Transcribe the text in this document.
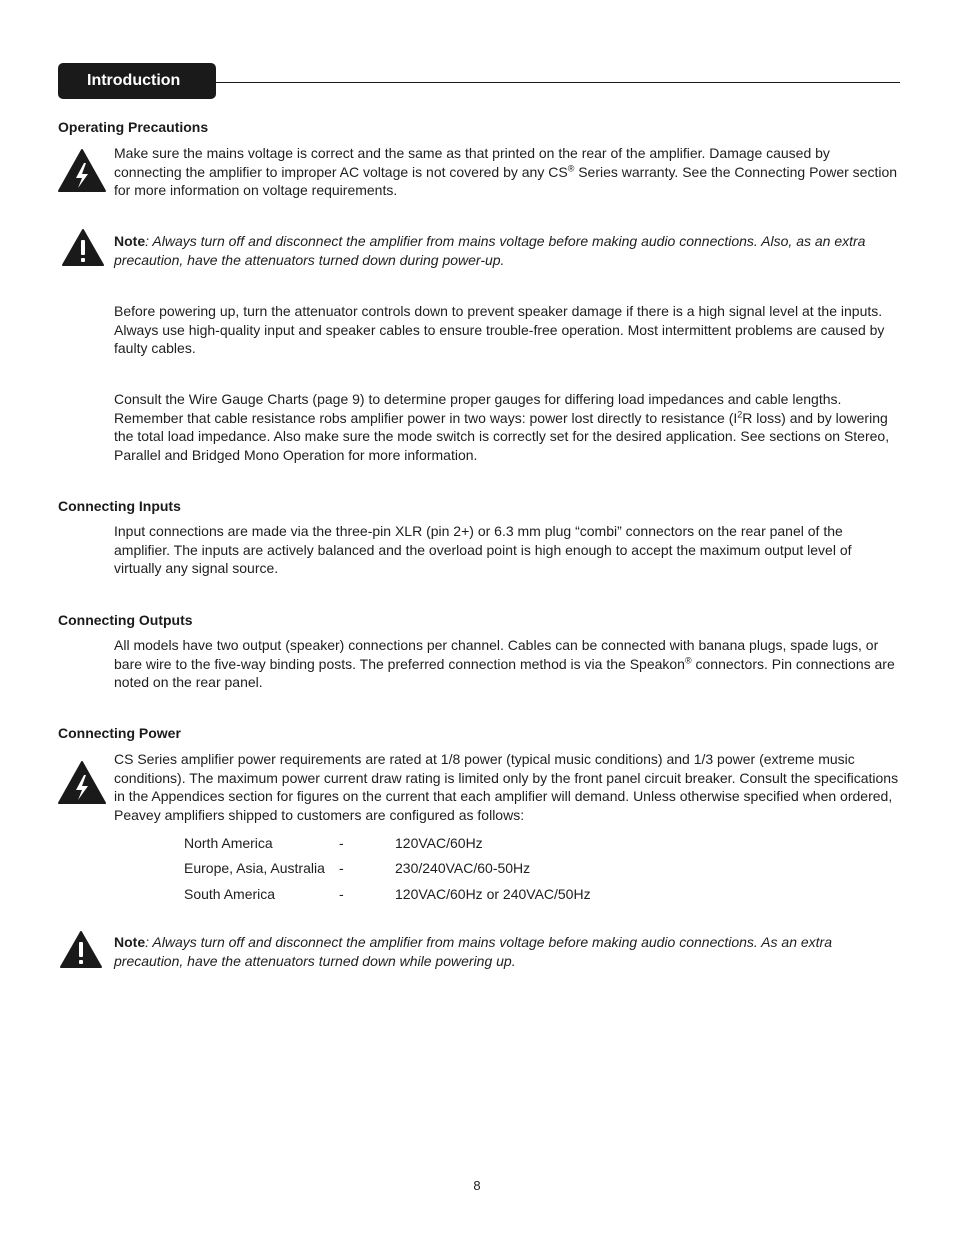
Introduction
Operating Precautions

Make sure the mains voltage is correct and the same as that printed on the rear of the amplifier. Damage caused by connecting the amplifier to improper AC voltage is not covered by any CS® Series warranty. See the Connecting Power section for more information on voltage requirements.

Note: Always turn off and disconnect the amplifier from mains voltage before making audio connections. Also, as an extra precaution, have the attenuators turned down during power-up.

Before powering up, turn the attenuator controls down to prevent speaker damage if there is a high signal level at the inputs. Always use high-quality input and speaker cables to ensure trouble-free operation. Most intermittent problems are caused by faulty cables.

Consult the Wire Gauge Charts (page 9) to determine proper gauges for differing load impedances and cable lengths. Remember that cable resistance robs amplifier power in two ways: power lost directly to resistance ($I^2R$ loss) and by lowering the total load impedance. Also make sure the mode switch is correctly set for the desired application. See sections on Stereo, Parallel and Bridged Mono Operation for more information.

Connecting Inputs

Input connections are made via the three-pin XLR (pin 2+) or 6.3 mm plug “combi” connectors on the rear panel of the amplifier. The inputs are actively balanced and the overload point is high enough to accept the maximum output level of virtually any signal source.

Connecting Outputs

All models have two output (speaker) connections per channel. Cables can be connected with banana plugs, spade lugs, or bare wire to the five-way binding posts. The preferred connection method is via the Speakon® connectors. Pin connections are noted on the rear panel.

Connecting Power

CS Series amplifier power requirements are rated at 1/8 power (typical music conditions) and 1/3 power (extreme music conditions). The maximum power current draw rating is limited only by the front panel circuit breaker. Consult the specifications in the Appendices section for figures on the current that each amplifier will demand. Unless otherwise specified when ordered, Peavey amplifiers shipped to customers are configured as follows:

North America	-	120VAC/60Hz
Europe, Asia, Australia	-	230/240VAC/60-50Hz
South America	-	120VAC/60Hz or 240VAC/50Hz

Note: Always turn off and disconnect the amplifier from mains voltage before making audio connections. As an extra precaution, have the attenuators turned down while powering up.

8
